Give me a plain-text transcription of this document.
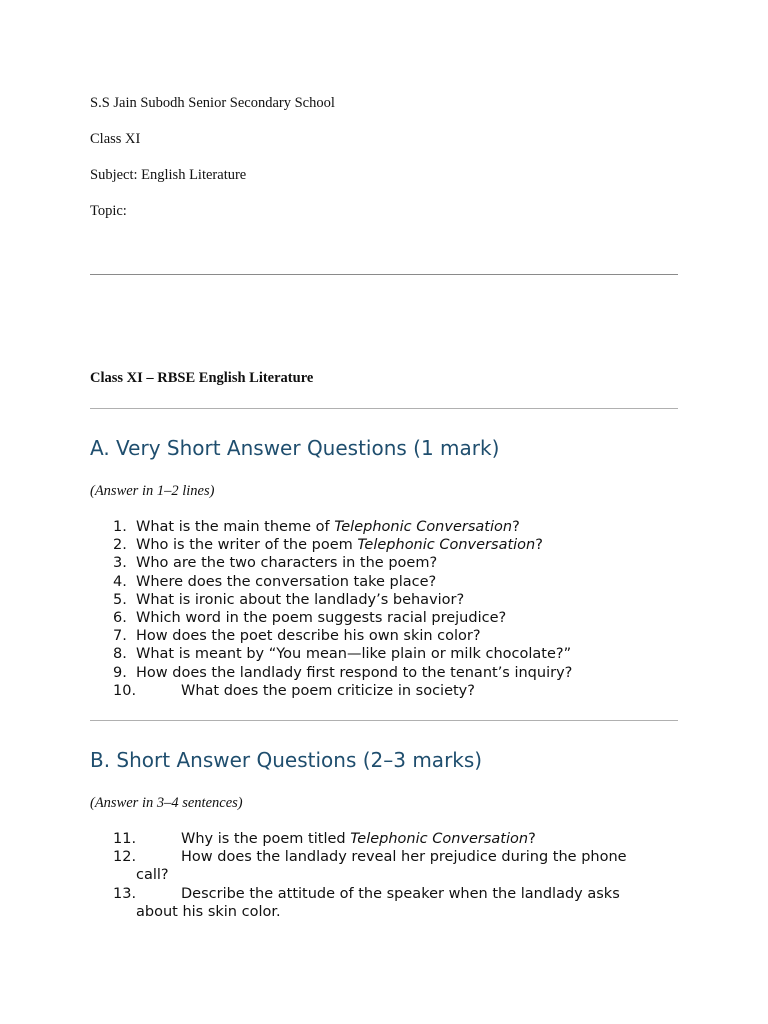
S.S Jain Subodh Senior Secondary School
Class XI
Subject: English Literature
Topic:
Class XI – RBSE English Literature
A. Very Short Answer Questions (1 mark)
(Answer in 1–2 lines)
1. What is the main theme of Telephonic Conversation?
2. Who is the writer of the poem Telephonic Conversation?
3. Who are the two characters in the poem?
4. Where does the conversation take place?
5. What is ironic about the landlady’s behavior?
6. Which word in the poem suggests racial prejudice?
7. How does the poet describe his own skin color?
8. What is meant by “You mean—like plain or milk chocolate?”
9. How does the landlady first respond to the tenant’s inquiry?
10.	What does the poem criticize in society?
B. Short Answer Questions (2–3 marks)
(Answer in 3–4 sentences)
11.	Why is the poem titled Telephonic Conversation?
12.	How does the landlady reveal her prejudice during the phone call?
13.	Describe the attitude of the speaker when the landlady asks about his skin color.
